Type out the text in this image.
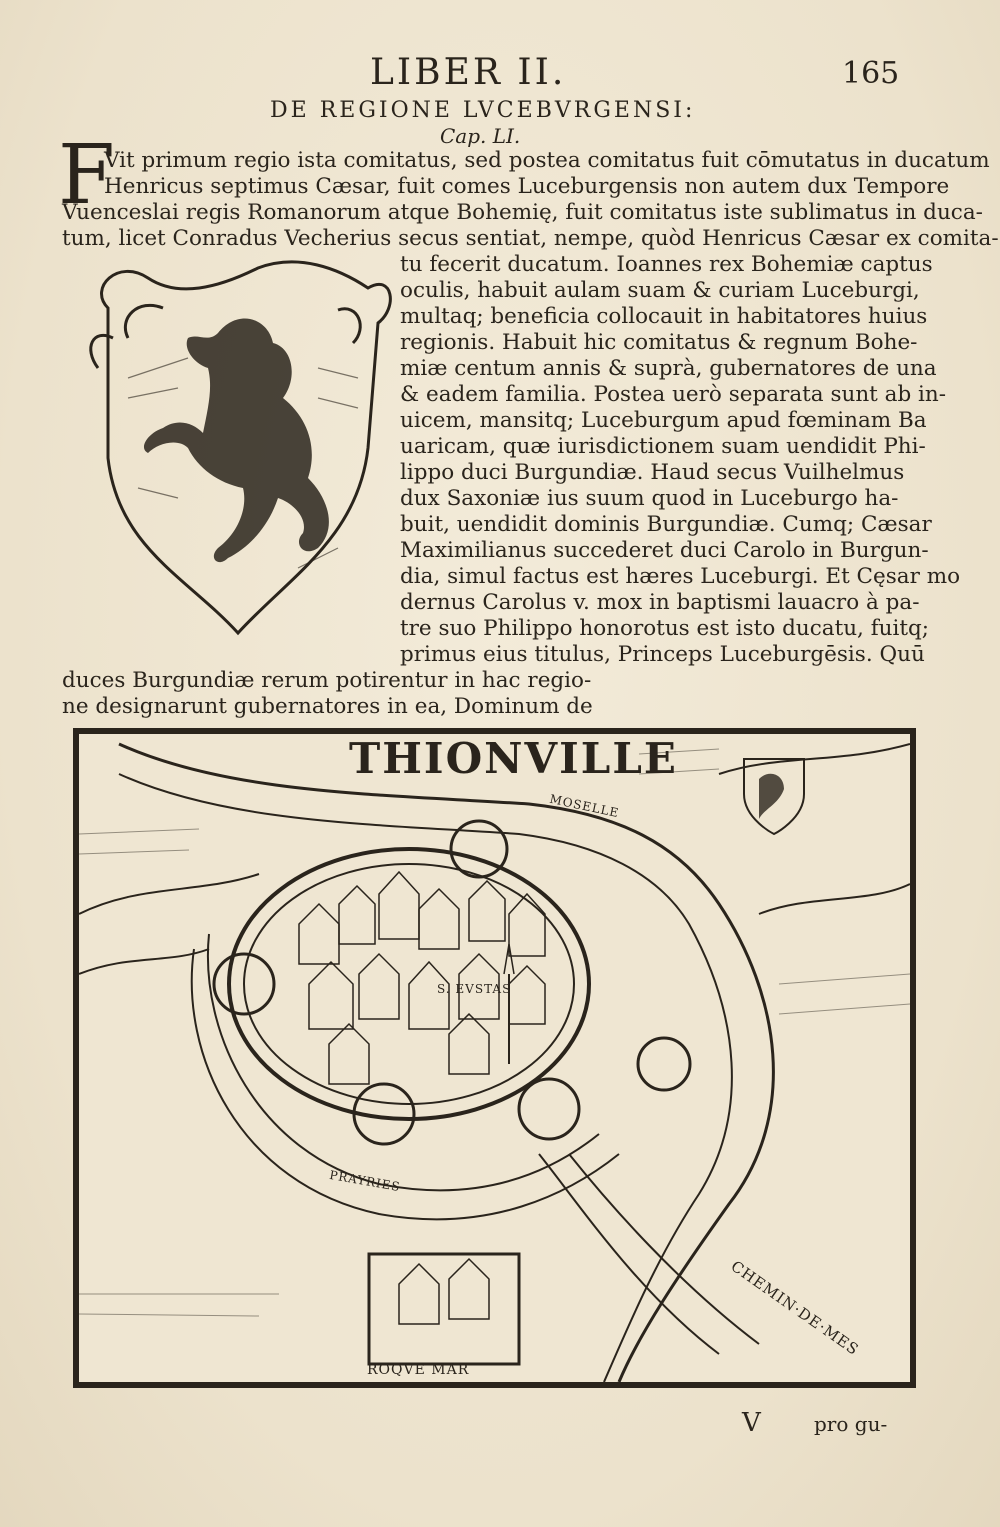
LIBER II.	165
DE REGIONE LVCEBVRGENSI:
Cap. LI.
F
Vit primum regio ista comitatus, sed postea comitatus fuit cōmutatus in ducatum
Henricus septimus Cæsar, fuit comes Luceburgensis non autem dux Tempore
Vuenceslai regis Romanorum atque Bohemię, fuit comitatus iste sublimatus in duca-
tum, licet Conradus Vecherius secus sentiat, nempe, quòd Henricus Cæsar ex comita-
tu fecerit ducatum. Ioannes rex Bohemiæ captus
oculis, habuit aulam suam & curiam Luceburgi,
multaq; beneficia collocauit in habitatores huius
regionis. Habuit hic comitatus & regnum Bohe-
miæ centum annis & suprà, gubernatores de una
& eadem familia. Postea uerò separata sunt ab in-
uicem, mansitq; Luceburgum apud fœminam Ba
uaricam, quæ iurisdictionem suam uendidit Phi-
lippo duci Burgundiæ. Haud secus Vuilhelmus
dux Saxoniæ ius suum quod in Luceburgo ha-
buit, uendidit dominis Burgundiæ. Cumq; Cæsar
Maximilianus succederet duci Carolo in Burgun-
dia, simul factus est hæres Luceburgi. Et Cęsar mo
dernus Carolus v. mox in baptismi lauacro à pa-
tre suo Philippo honorotus est isto ducatu, fuitq;
primus eius titulus, Princeps Luceburgēsis. Quū
duces Burgundiæ rerum potirentur in hac regio-
ne designarunt gubernatores in ea, Dominum de
THIONVILLE
MOSELLE
S. EVSTAS
PRAYRIES
CHEMIN·DE·MES
ROQVE MAR
V	pro gu-
